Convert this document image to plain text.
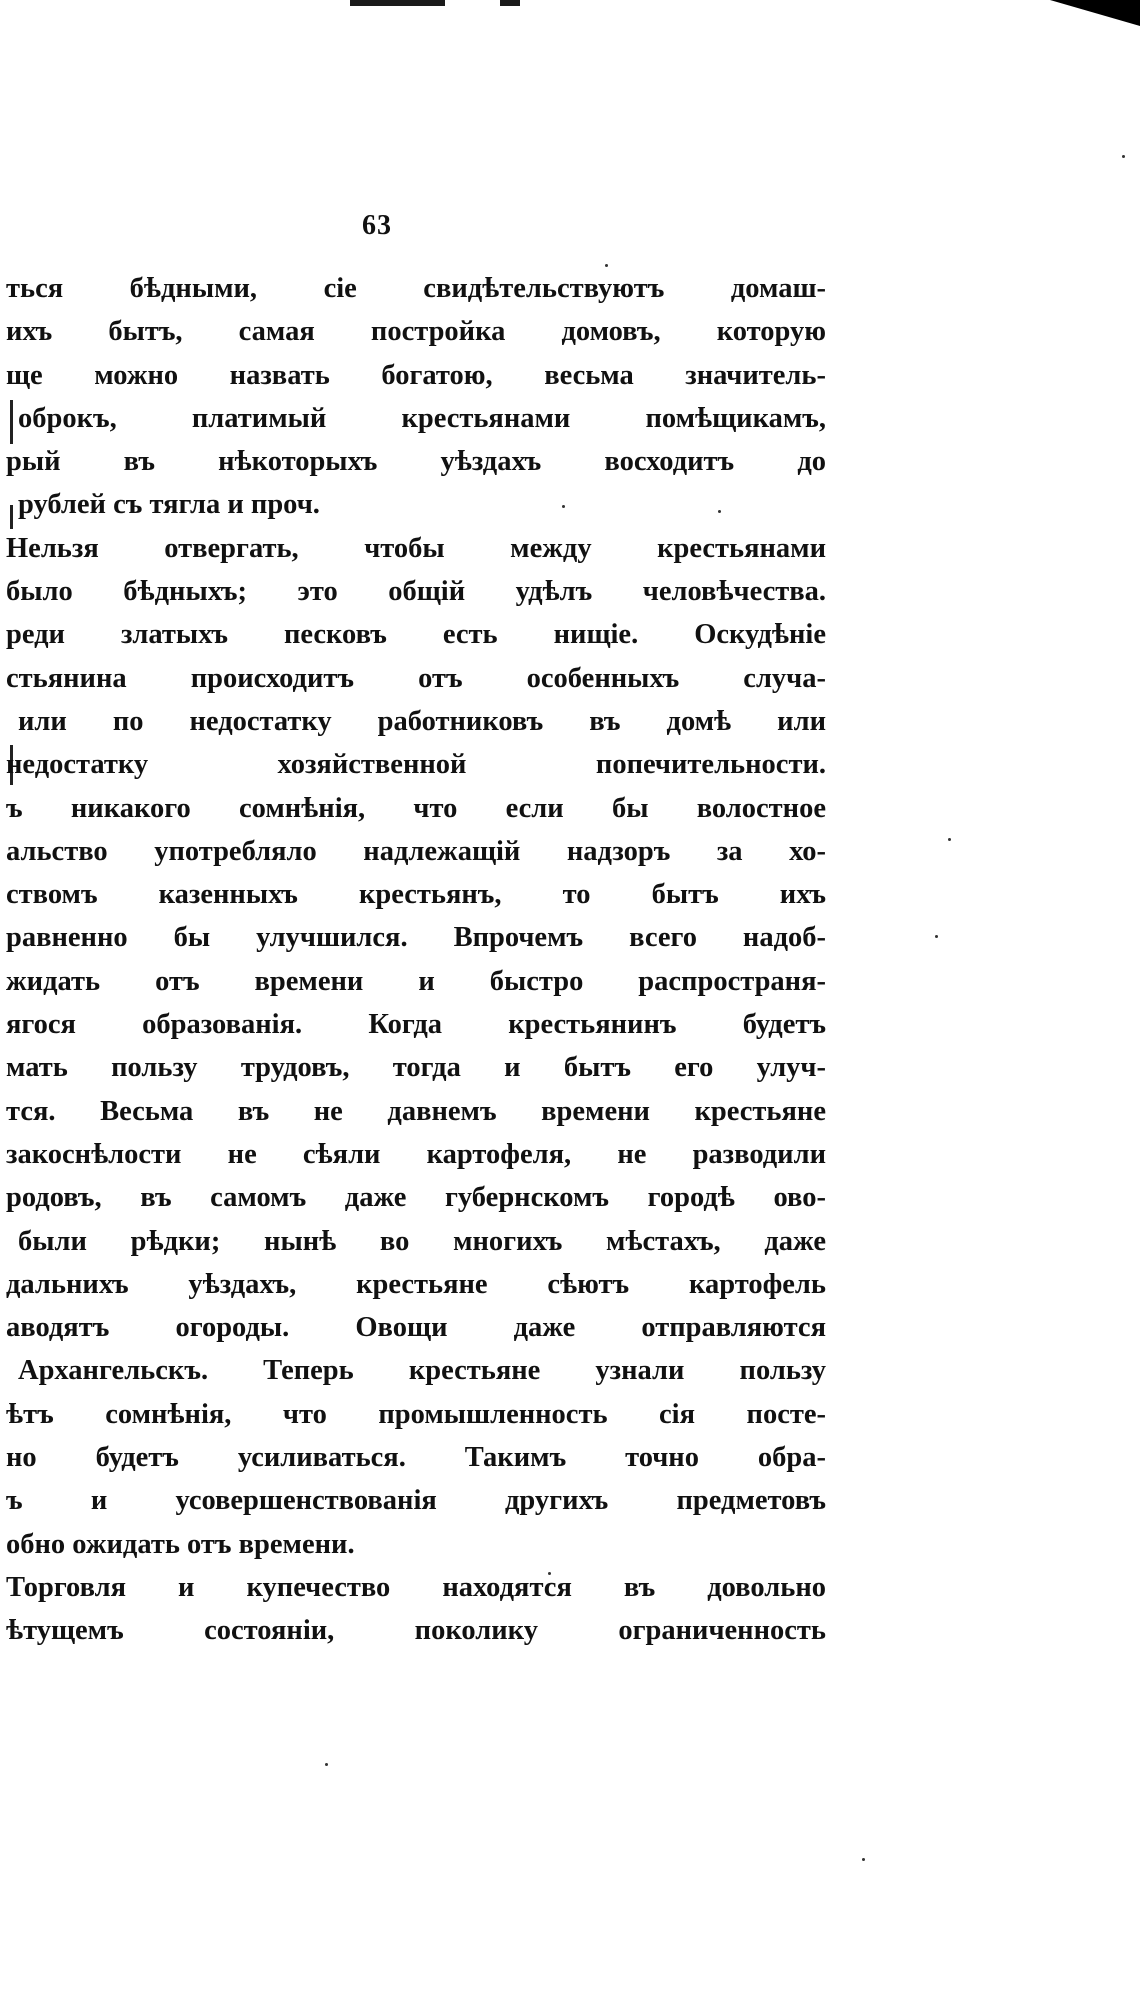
63
ться бѣдными, сіе свидѣтельствуютъ домаш-
ихъ бытъ, самая постройка домовъ, которую
ще можно назвать богатою, весьма значитель-
оброкъ, платимый крестьянами помѣщикамъ,
рый въ нѣкоторыхъ уѣздахъ восходитъ до
рублей съ тягла и проч.
Нельзя отвергать, чтобы между крестьянами
было бѣдныхъ; это общій удѣлъ человѣчества.
реди златыхъ песковъ есть нищіе. Оскудѣніе
стьянина происходитъ отъ особенныхъ случа-
или по недостатку работниковъ въ домѣ или
недостатку хозяйственной попечительности.
ъ никакого сомнѣнія, что если бы волостное
альство употребляло надлежащій надзоръ за хо-
ствомъ казенныхъ крестьянъ, то бытъ ихъ
равненно бы улучшился. Впрочемъ всего надоб-
жидать отъ времени и быстро распространя-
ягося образованія. Когда крестьянинъ будетъ
мать пользу трудовъ, тогда и бытъ его улуч-
тся. Весьма въ не давнемъ времени крестьяне
закоснѣлости не сѣяли картофеля, не разводили
родовъ, въ самомъ даже губернскомъ городѣ ово-
были рѣдки; нынѣ во многихъ мѣстахъ, даже
дальнихъ уѣздахъ, крестьяне сѣютъ картофель
аводятъ огороды. Овощи даже отправляются
Архангельскъ. Теперь крестьяне узнали пользу
ѣтъ сомнѣнія, что промышленность сія посте-
но будетъ усиливаться. Такимъ точно обра-
ъ и усовершенствованія другихъ предметовъ
обно ожидать отъ времени.
Торговля и купечество находятся въ довольно
ѣтущемъ состояніи, поколику ограниченность
